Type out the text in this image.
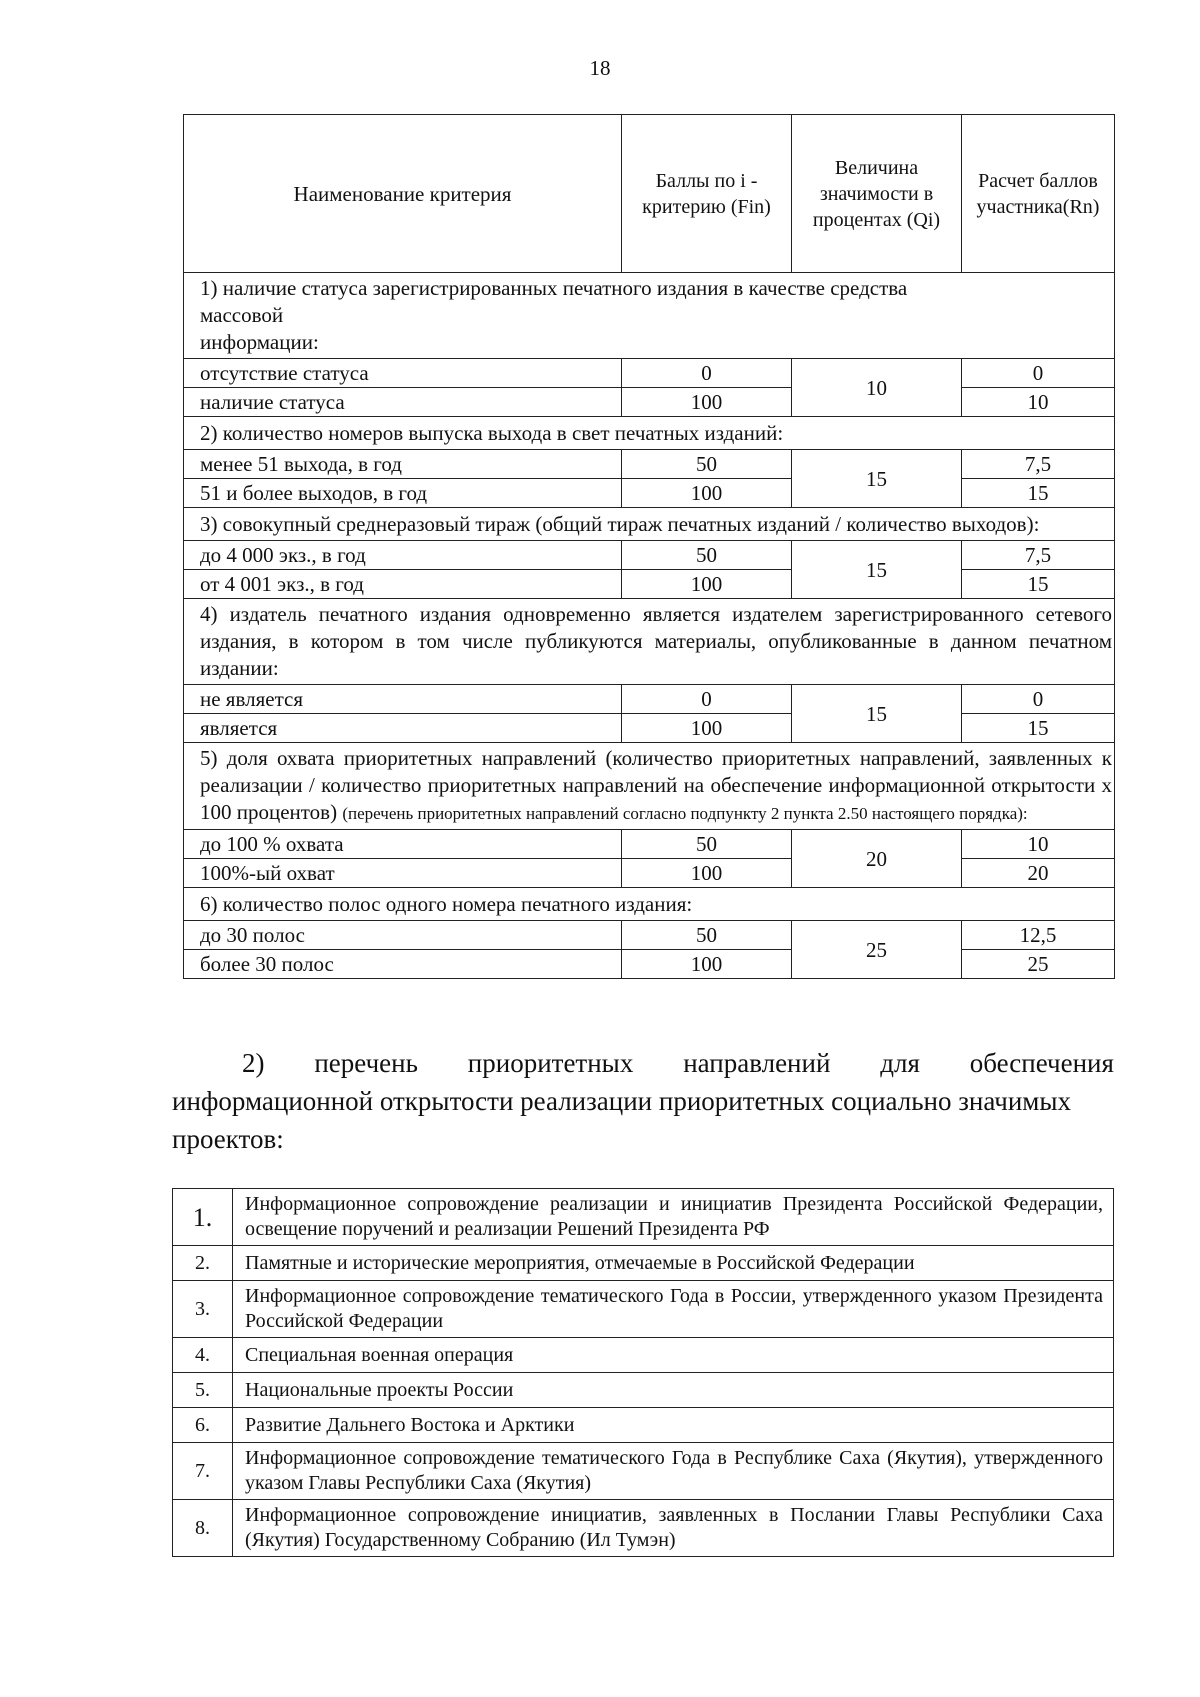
18
Наименование критерия	Баллы по i - критерию (Fin)	Величина значимости в процентах (Qi)	Расчет баллов участника(Rn)

1) наличие статуса зарегистрированных печатного издания в качестве средства
массовой
информации:			

отсутствие статуса	0	10	0
наличие статуса	100		10

2) количество номеров выпуска выхода в свет печатных изданий:			

менее 51 выхода, в год	50	15	7,5
51 и более выходов, в год	100		15

3) совокупный среднеразовый тираж (общий тираж печатных изданий / количество выходов):			

до 4 000 экз., в год	50	15	7,5
от 4 001 экз., в год	100		15

4) издатель печатного издания одновременно является издателем зарегистрированного сетевого издания, в котором в том числе публикуются материалы, опубликованные в данном печатном издании:			

не является	0	15	0
является	100		15

5) доля охвата приоритетных направлений (количество приоритетных направлений, заявленных к реализации / количество приоритетных направлений на обеспечение информационной открытости х 100 процентов) (перечень приоритетных направлений согласно подпункту 2 пункта 2.50 настоящего порядка):			

до 100 % охвата	50	20	10
100%-ый охват	100		20

6) количество полос одного номера печатного издания:			

до 30 полос	50	25	12,5
более 30 полос	100		25
2) перечень приоритетных направлений для обеспечения
информационной открытости реализации приоритетных социально значимых
проектов:
1.	Информационное сопровождение реализации и инициатив Президента Российской Федерации, освещение поручений и реализации Решений Президента РФ
2.	Памятные и исторические мероприятия, отмечаемые в Российской Федерации
3.	Информационное сопровождение тематического Года в России, утвержденного указом Президента Российской Федерации
4.	Специальная военная операция
5.	Национальные проекты России
6.	Развитие Дальнего Востока и Арктики
7.	Информационное сопровождение тематического Года в Республике Саха (Якутия), утвержденного указом Главы Республики Саха (Якутия)
8.	Информационное сопровождение инициатив, заявленных в Послании Главы Республики Саха (Якутия) Государственному Собранию (Ил Тумэн)
